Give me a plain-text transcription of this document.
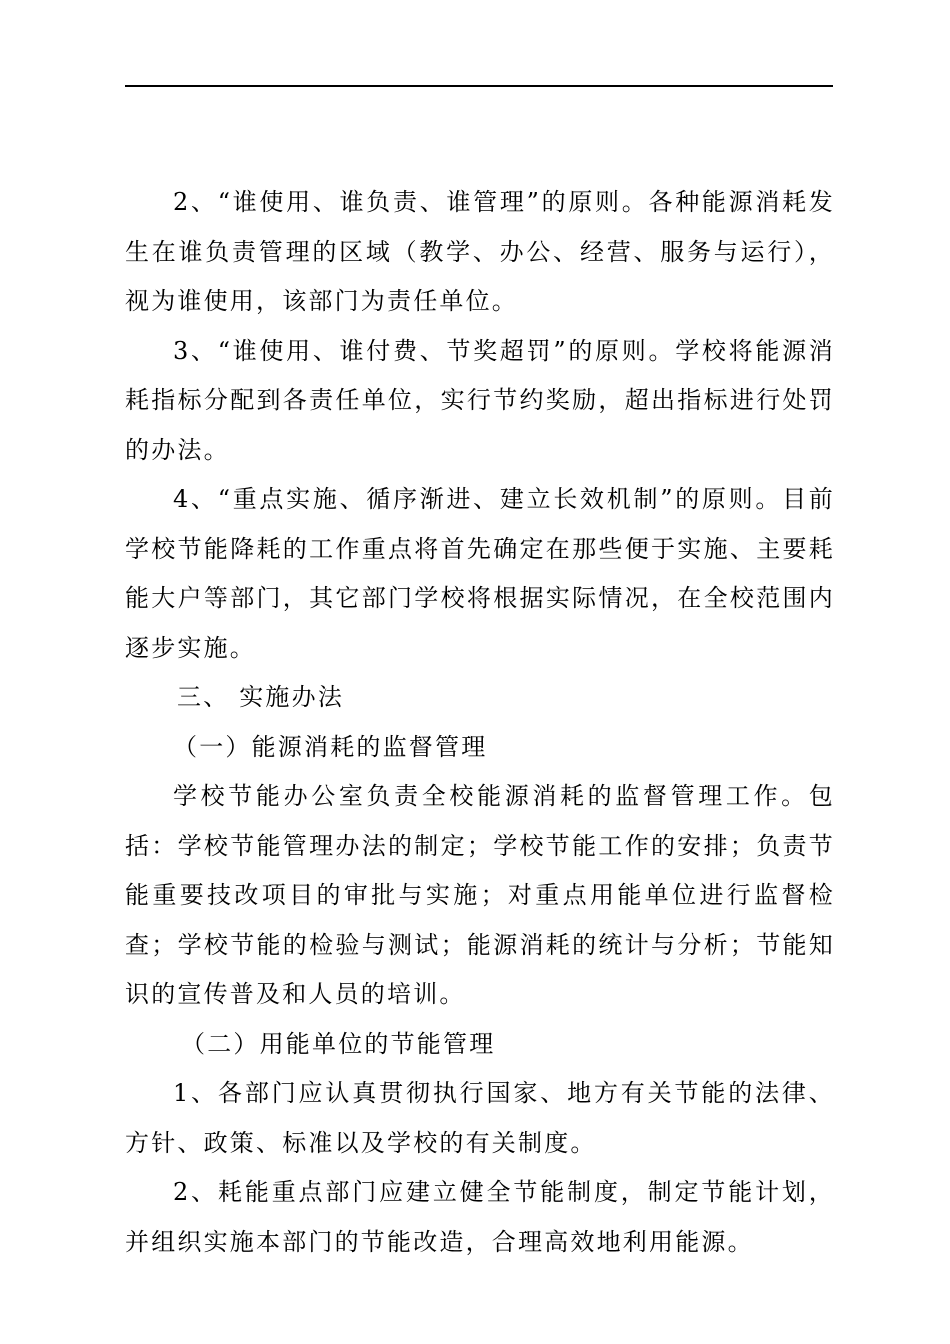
2、“谁使用、谁负责、谁管理”的原则。各种能源消耗发生在谁负责管理的区域（教学、办公、经营、服务与运行），视为谁使用，该部门为责任单位。

3、“谁使用、谁付费、节奖超罚”的原则。学校将能源消耗指标分配到各责任单位，实行节约奖励，超出指标进行处罚的办法。

4、“重点实施、循序渐进、建立长效机制”的原则。目前学校节能降耗的工作重点将首先确定在那些便于实施、主要耗能大户等部门，其它部门学校将根据实际情况，在全校范围内逐步实施。

三、 实施办法

（一）能源消耗的监督管理

学校节能办公室负责全校能源消耗的监督管理工作。包括：学校节能管理办法的制定；学校节能工作的安排；负责节能重要技改项目的审批与实施；对重点用能单位进行监督检查；学校节能的检验与测试；能源消耗的统计与分析；节能知识的宣传普及和人员的培训。

（二）用能单位的节能管理

1、各部门应认真贯彻执行国家、地方有关节能的法律、方针、政策、标准以及学校的有关制度。

2、耗能重点部门应建立健全节能制度，制定节能计划，并组织实施本部门的节能改造，合理高效地利用能源。
